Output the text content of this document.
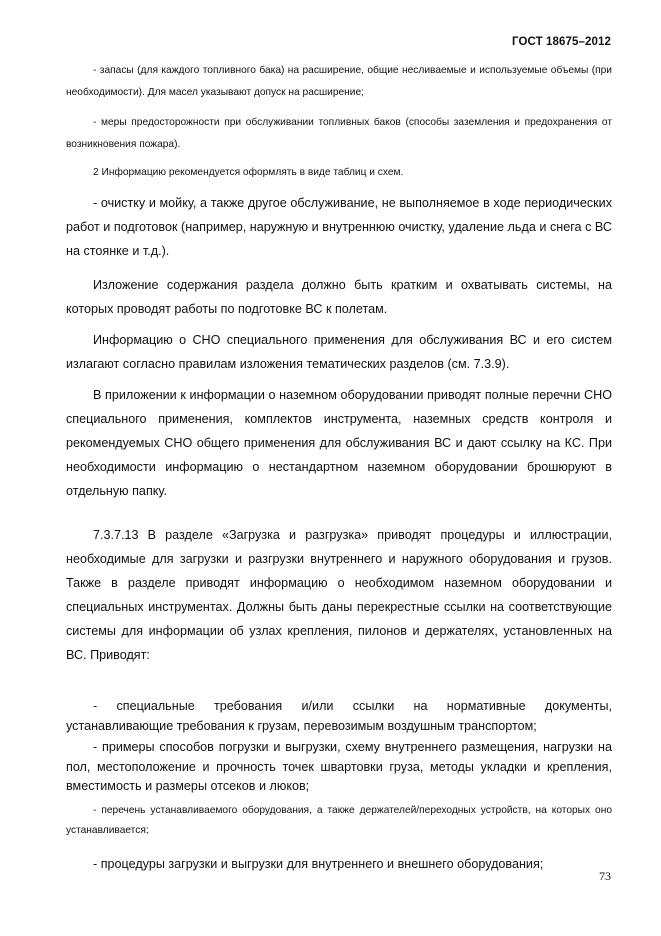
ГОСТ 18675–2012

- запасы (для каждого топливного бака) на расширение, общие несливаемые и используемые объемы (при необходимости). Для масел указывают допуск на расширение;

- меры предосторожности при обслуживании топливных баков (способы заземления и предохранения от возникновения пожара).

2 Информацию рекомендуется оформлять в виде таблиц и схем.

- очистку и мойку, а также другое обслуживание, не выполняемое в ходе периодических работ и подготовок (например, наружную и внутреннюю очистку, удаление льда и снега с ВС на стоянке и т.д.).

Изложение содержания раздела должно быть кратким и охватывать системы, на которых проводят работы по подготовке ВС к полетам.

Информацию о СНО специального применения для обслуживания ВС и его систем излагают согласно правилам изложения тематических разделов (см. 7.3.9).

В приложении к информации о наземном оборудовании приводят полные перечни СНО специального применения, комплектов инструмента, наземных средств контроля и рекомендуемых СНО общего применения для обслуживания ВС и дают ссылку на КС. При необходимости информацию о нестандартном наземном оборудовании брошюруют в отдельную папку.

7.3.7.13 В разделе «Загрузка и разгрузка» приводят процедуры и иллюстрации, необходимые для загрузки и разгрузки внутреннего и наружного оборудования и грузов. Также в разделе приводят информацию о необходимом наземном оборудовании и специальных инструментах. Должны быть даны перекрестные ссылки на соответствующие системы для информации об узлах крепления, пилонов и держателях, установленных на ВС. Приводят:

- специальные требования и/или ссылки на нормативные документы, устанавливающие требования к грузам, перевозимым воздушным транспортом;

- примеры способов погрузки и выгрузки, схему внутреннего размещения, нагрузки на пол, местоположение и прочность точек швартовки груза, методы укладки и крепления, вместимость и размеры отсеков и люков;

- перечень устанавливаемого оборудования, а также держателей/переходных устройств, на которых оно устанавливается;

- процедуры загрузки и выгрузки для внутреннего и внешнего оборудования;

73
